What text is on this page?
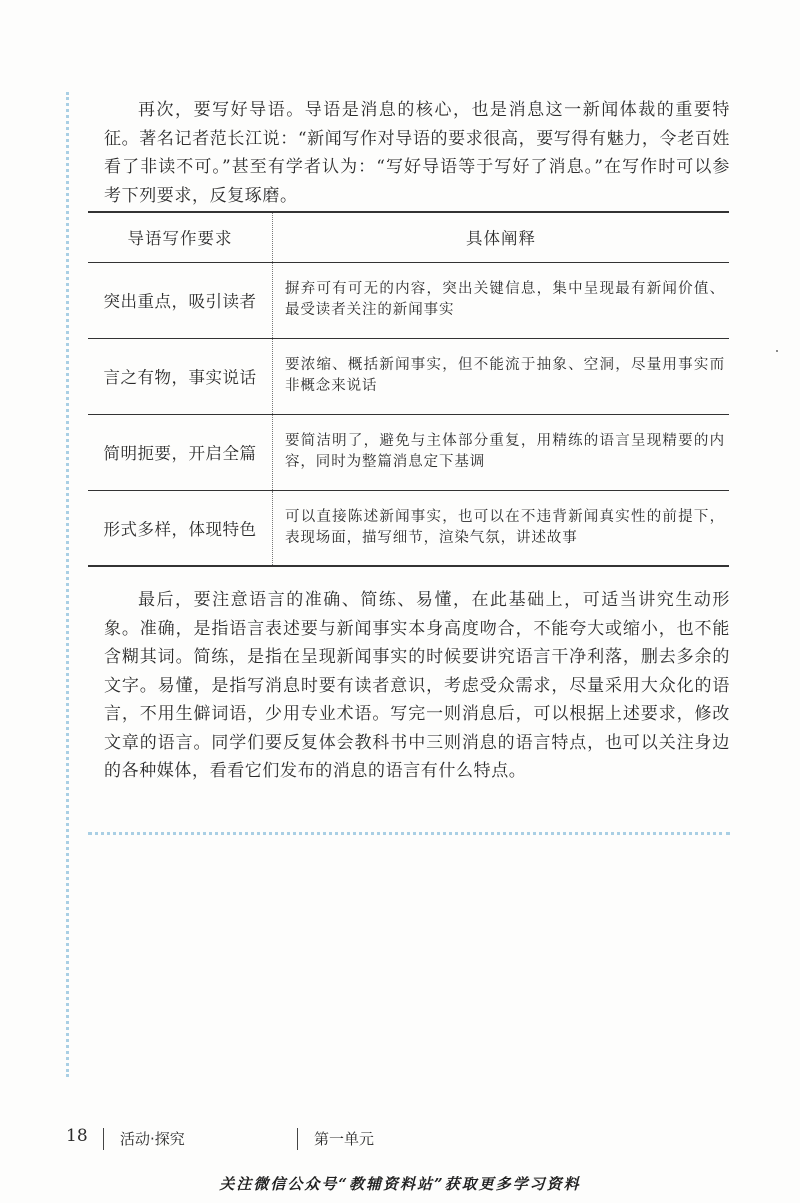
再次，要写好导语。导语是消息的核心，也是消息这一新闻体裁的重要特征。著名记者范长江说：“新闻写作对导语的要求很高，要写得有魅力，令老百姓看了非读不可。”甚至有学者认为：“写好导语等于写好了消息。”在写作时可以参考下列要求，反复琢磨。

导语写作要求	具体阐释
突出重点，吸引读者	摒弃可有可无的内容，突出关键信息，集中呈现最有新闻价值、最受读者关注的新闻事实
言之有物，事实说话	要浓缩、概括新闻事实，但不能流于抽象、空洞，尽量用事实而非概念来说话
简明扼要，开启全篇	要简洁明了，避免与主体部分重复，用精练的语言呈现精要的内容，同时为整篇消息定下基调
形式多样，体现特色	可以直接陈述新闻事实，也可以在不违背新闻真实性的前提下，表现场面，描写细节，渲染气氛，讲述故事

最后，要注意语言的准确、简练、易懂，在此基础上，可适当讲究生动形象。准确，是指语言表述要与新闻事实本身高度吻合，不能夸大或缩小，也不能含糊其词。简练，是指在呈现新闻事实的时候要讲究语言干净利落，删去多余的文字。易懂，是指写消息时要有读者意识，考虑受众需求，尽量采用大众化的语言，不用生僻词语，少用专业术语。写完一则消息后，可以根据上述要求，修改文章的语言。同学们要反复体会教科书中三则消息的语言特点，也可以关注身边的各种媒体，看看它们发布的消息的语言有什么特点。

18 活动·探究	第一单元
关注微信公众号“教辅资料站”获取更多学习资料
